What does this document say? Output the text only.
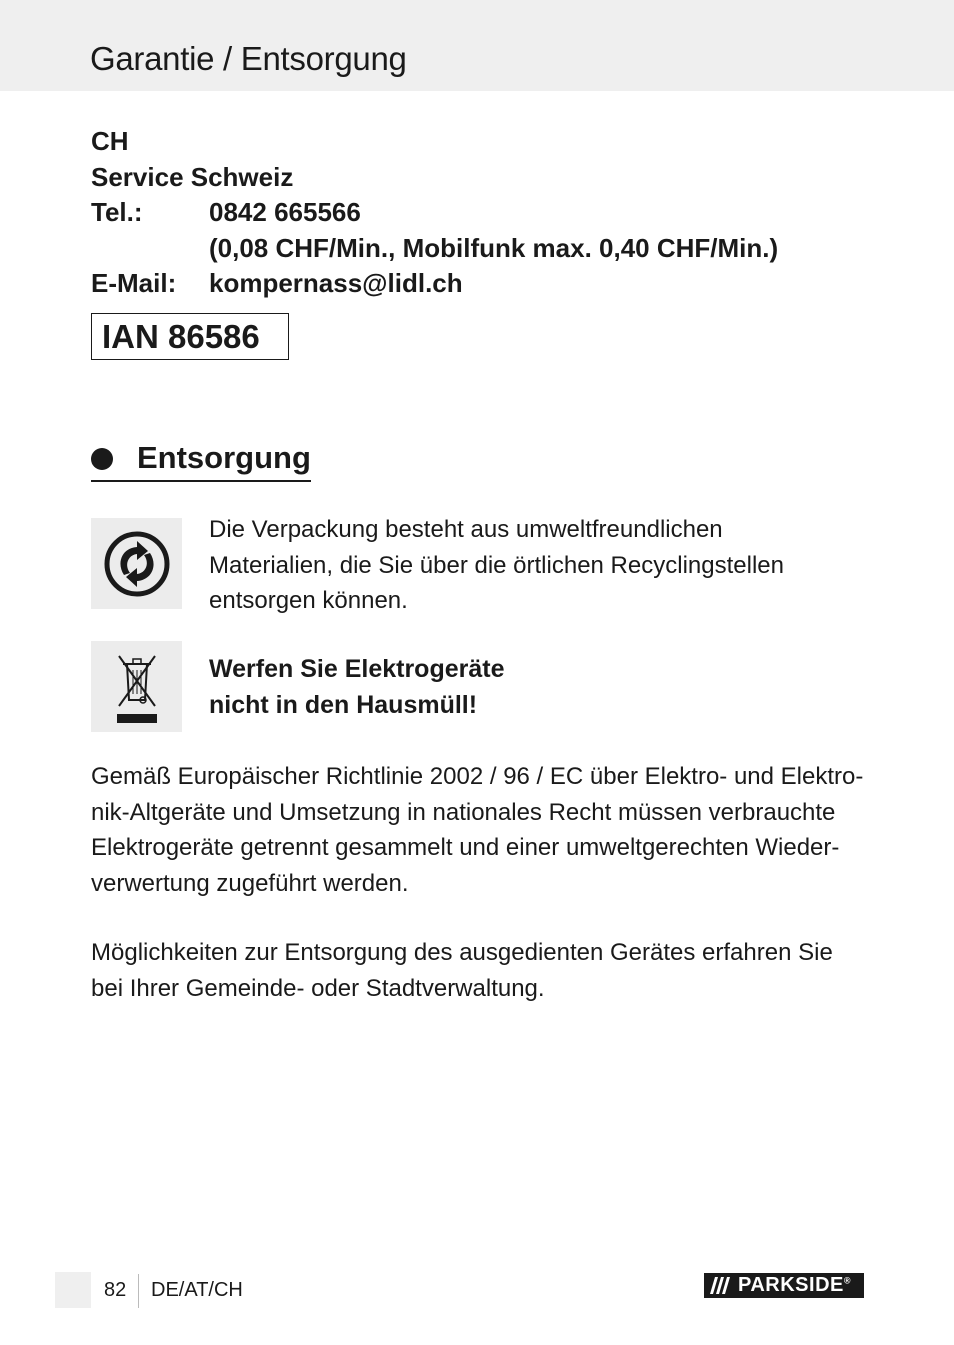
Garantie / Entsorgung
CH
Service Schweiz
Tel.:	0842 665566
(0,08 CHF/Min., Mobilfunk max. 0,40 CHF/Min.)
E-Mail:	kompernass@lidl.ch
IAN 86586
Entsorgung
Die Verpackung besteht aus umweltfreundlichen
Materialien, die Sie über die örtlichen Recyclingstellen
entsorgen können.
Werfen Sie Elektrogeräte
nicht in den Hausmüll!
Gemäß Europäischer Richtlinie 2002 / 96 / EC über Elektro- und Elektro-
nik-Altgeräte und Umsetzung in nationales Recht müssen verbrauchte
Elektrogeräte getrennt gesammelt und einer umweltgerechten Wieder-
verwertung zugeführt werden.
Möglichkeiten zur Entsorgung des ausgedienten Gerätes erfahren Sie
bei Ihrer Gemeinde- oder Stadtverwaltung.
82 DE/AT/CH	PARKSIDE®
